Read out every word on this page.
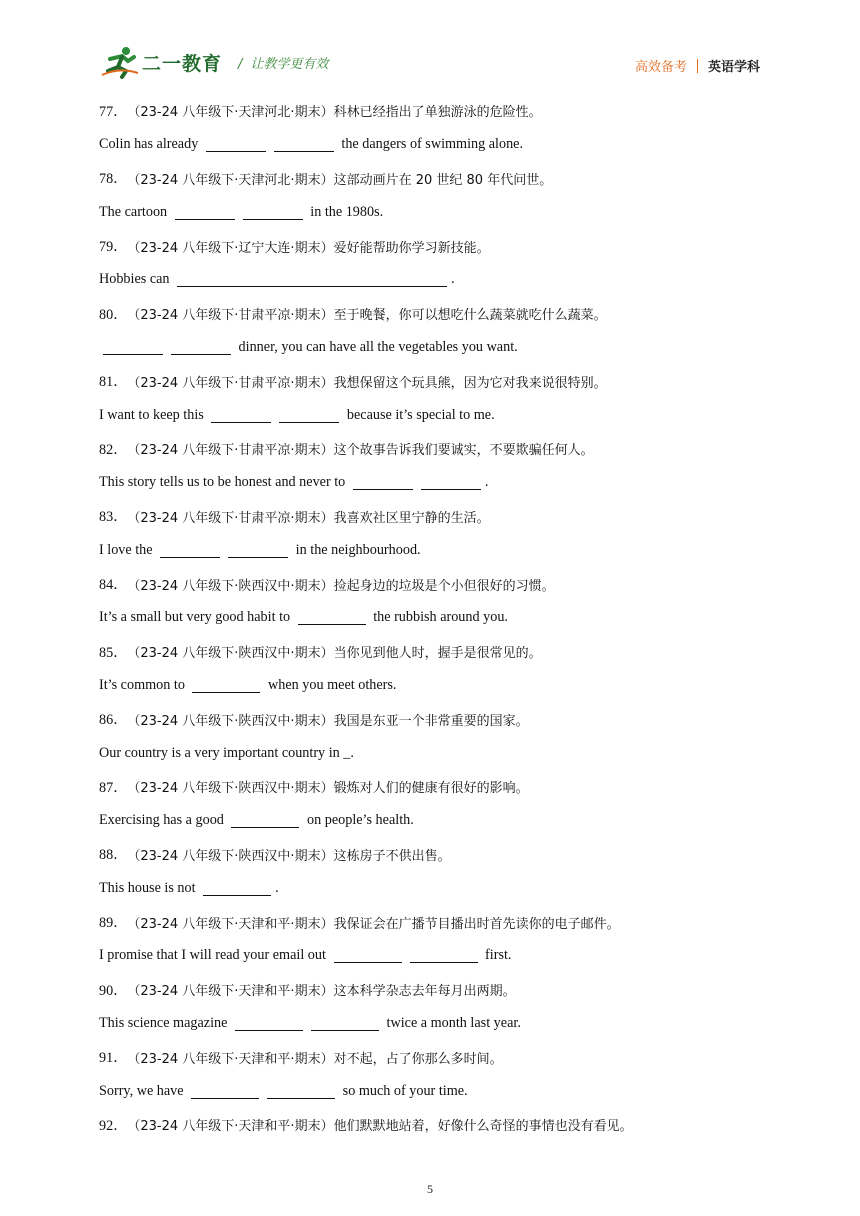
二一教育 / 让教学更有效	高效备考 英语学科
77． （23-24 八年级下·天津河北·期末） 科林已经指出了单独游泳的危险性。
Colin has already	the dangers of swimming alone.
78． （23-24 八年级下·天津河北·期末） 这部动画片在 20 世纪 80 年代问世。
The cartoon	in the 1980s.
79． （23-24 八年级下·辽宁大连·期末） 爱好能帮助你学习新技能。
Hobbies can	.
80． （23-24 八年级下·甘肃平凉·期末） 至于晚餐，你可以想吃什么蔬菜就吃什么蔬菜。
dinner, you can have all the vegetables you want.
81． （23-24 八年级下·甘肃平凉·期末） 我想保留这个玩具熊，因为它对我来说很特别。
I want to keep this	because it’s special to me.
82． （23-24 八年级下·甘肃平凉·期末） 这个故事告诉我们要诚实，不要欺骗任何人。
This story tells us to be honest and never to	.
83． （23-24 八年级下·甘肃平凉·期末） 我喜欢社区里宁静的生活。
I love the	in the neighbourhood.
84． （23-24 八年级下·陕西汉中·期末） 捡起身边的垃圾是个小但很好的习惯。
It’s a small but very good habit to	the rubbish around you.
85． （23-24 八年级下·陕西汉中·期末） 当你见到他人时，握手是很常见的。
It’s common to	when you meet others.
86． （23-24 八年级下·陕西汉中·期末） 我国是东亚一个非常重要的国家。
Our country is a very important country in _.
87． （23-24 八年级下·陕西汉中·期末） 锻炼对人们的健康有很好的影响。
Exercising has a good	on people’s health.
88． （23-24 八年级下·陕西汉中·期末） 这栋房子不供出售。
This house is not	.
89． （23-24 八年级下·天津和平·期末） 我保证会在广播节目播出时首先读你的电子邮件。
I promise that I will read your email out	first.
90． （23-24 八年级下·天津和平·期末） 这本科学杂志去年每月出两期。
This science magazine	twice a month last year.
91． （23-24 八年级下·天津和平·期末） 对不起，占了你那么多时间。
Sorry, we have	so much of your time.
92． （23-24 八年级下·天津和平·期末） 他们默默地站着，好像什么奇怪的事情也没有看见。
5
